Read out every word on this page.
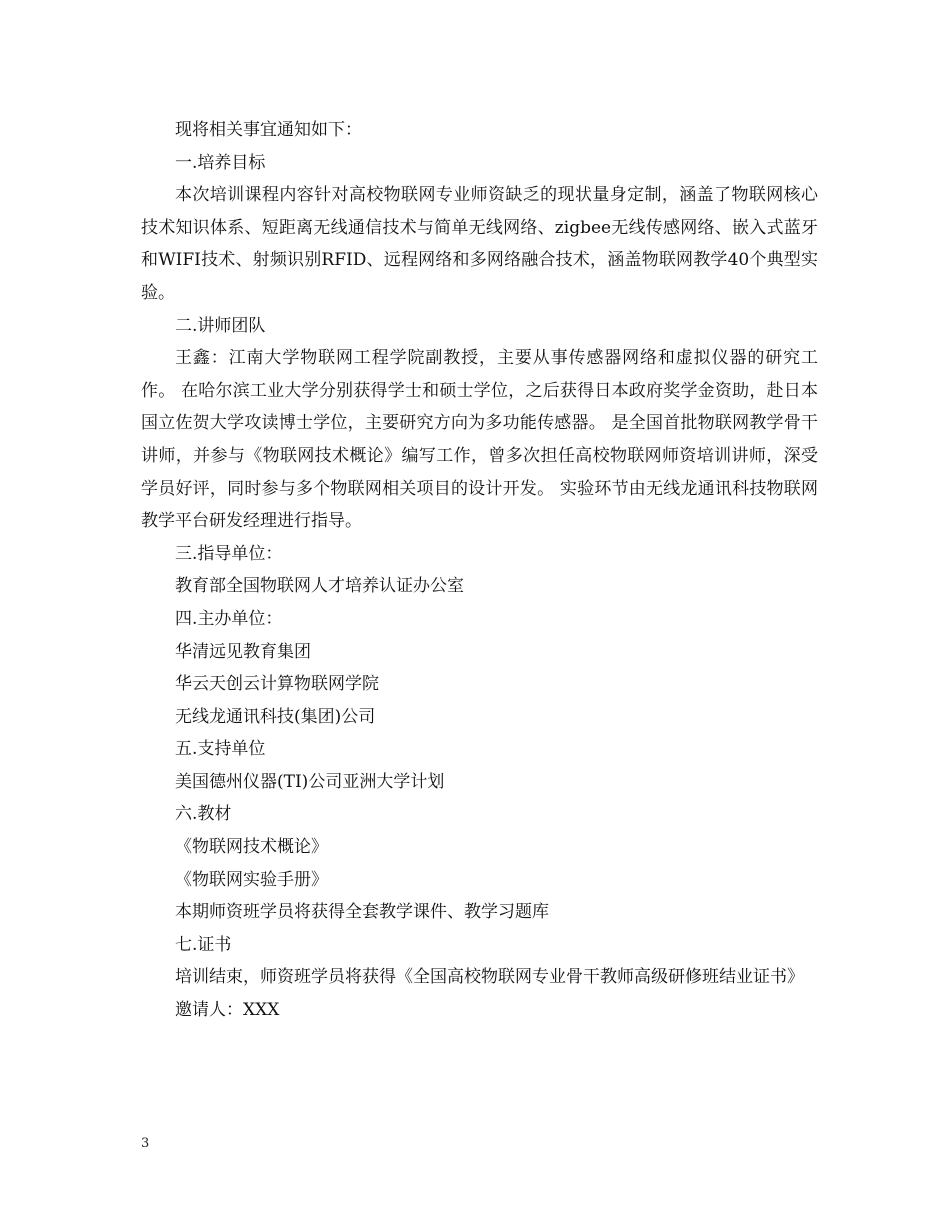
现将相关事宜通知如下：

一.培养目标

本次培训课程内容针对高校物联网专业师资缺乏的现状量身定制，涵盖了物联网核心技术知识体系、短距离无线通信技术与简单无线网络、zigbee无线传感网络、嵌入式蓝牙和WIFI技术、射频识别RFID、远程网络和多网络融合技术，涵盖物联网教学40个典型实验。

二.讲师团队

王鑫：江南大学物联网工程学院副教授，主要从事传感器网络和虚拟仪器的研究工作。 在哈尔滨工业大学分别获得学士和硕士学位，之后获得日本政府奖学金资助，赴日本国立佐贺大学攻读博士学位，主要研究方向为多功能传感器。 是全国首批物联网教学骨干讲师，并参与《物联网技术概论》编写工作，曾多次担任高校物联网师资培训讲师，深受学员好评，同时参与多个物联网相关项目的设计开发。 实验环节由无线龙通讯科技物联网教学平台研发经理进行指导。

三.指导单位：

教育部全国物联网人才培养认证办公室

四.主办单位：

华清远见教育集团

华云天创云计算物联网学院

无线龙通讯科技(集团)公司

五.支持单位

美国德州仪器(TI)公司亚洲大学计划

六.教材

《物联网技术概论》

《物联网实验手册》

本期师资班学员将获得全套教学课件、教学习题库

七.证书

培训结束，师资班学员将获得《全国高校物联网专业骨干教师高级研修班结业证书》

邀请人：XXX

3
